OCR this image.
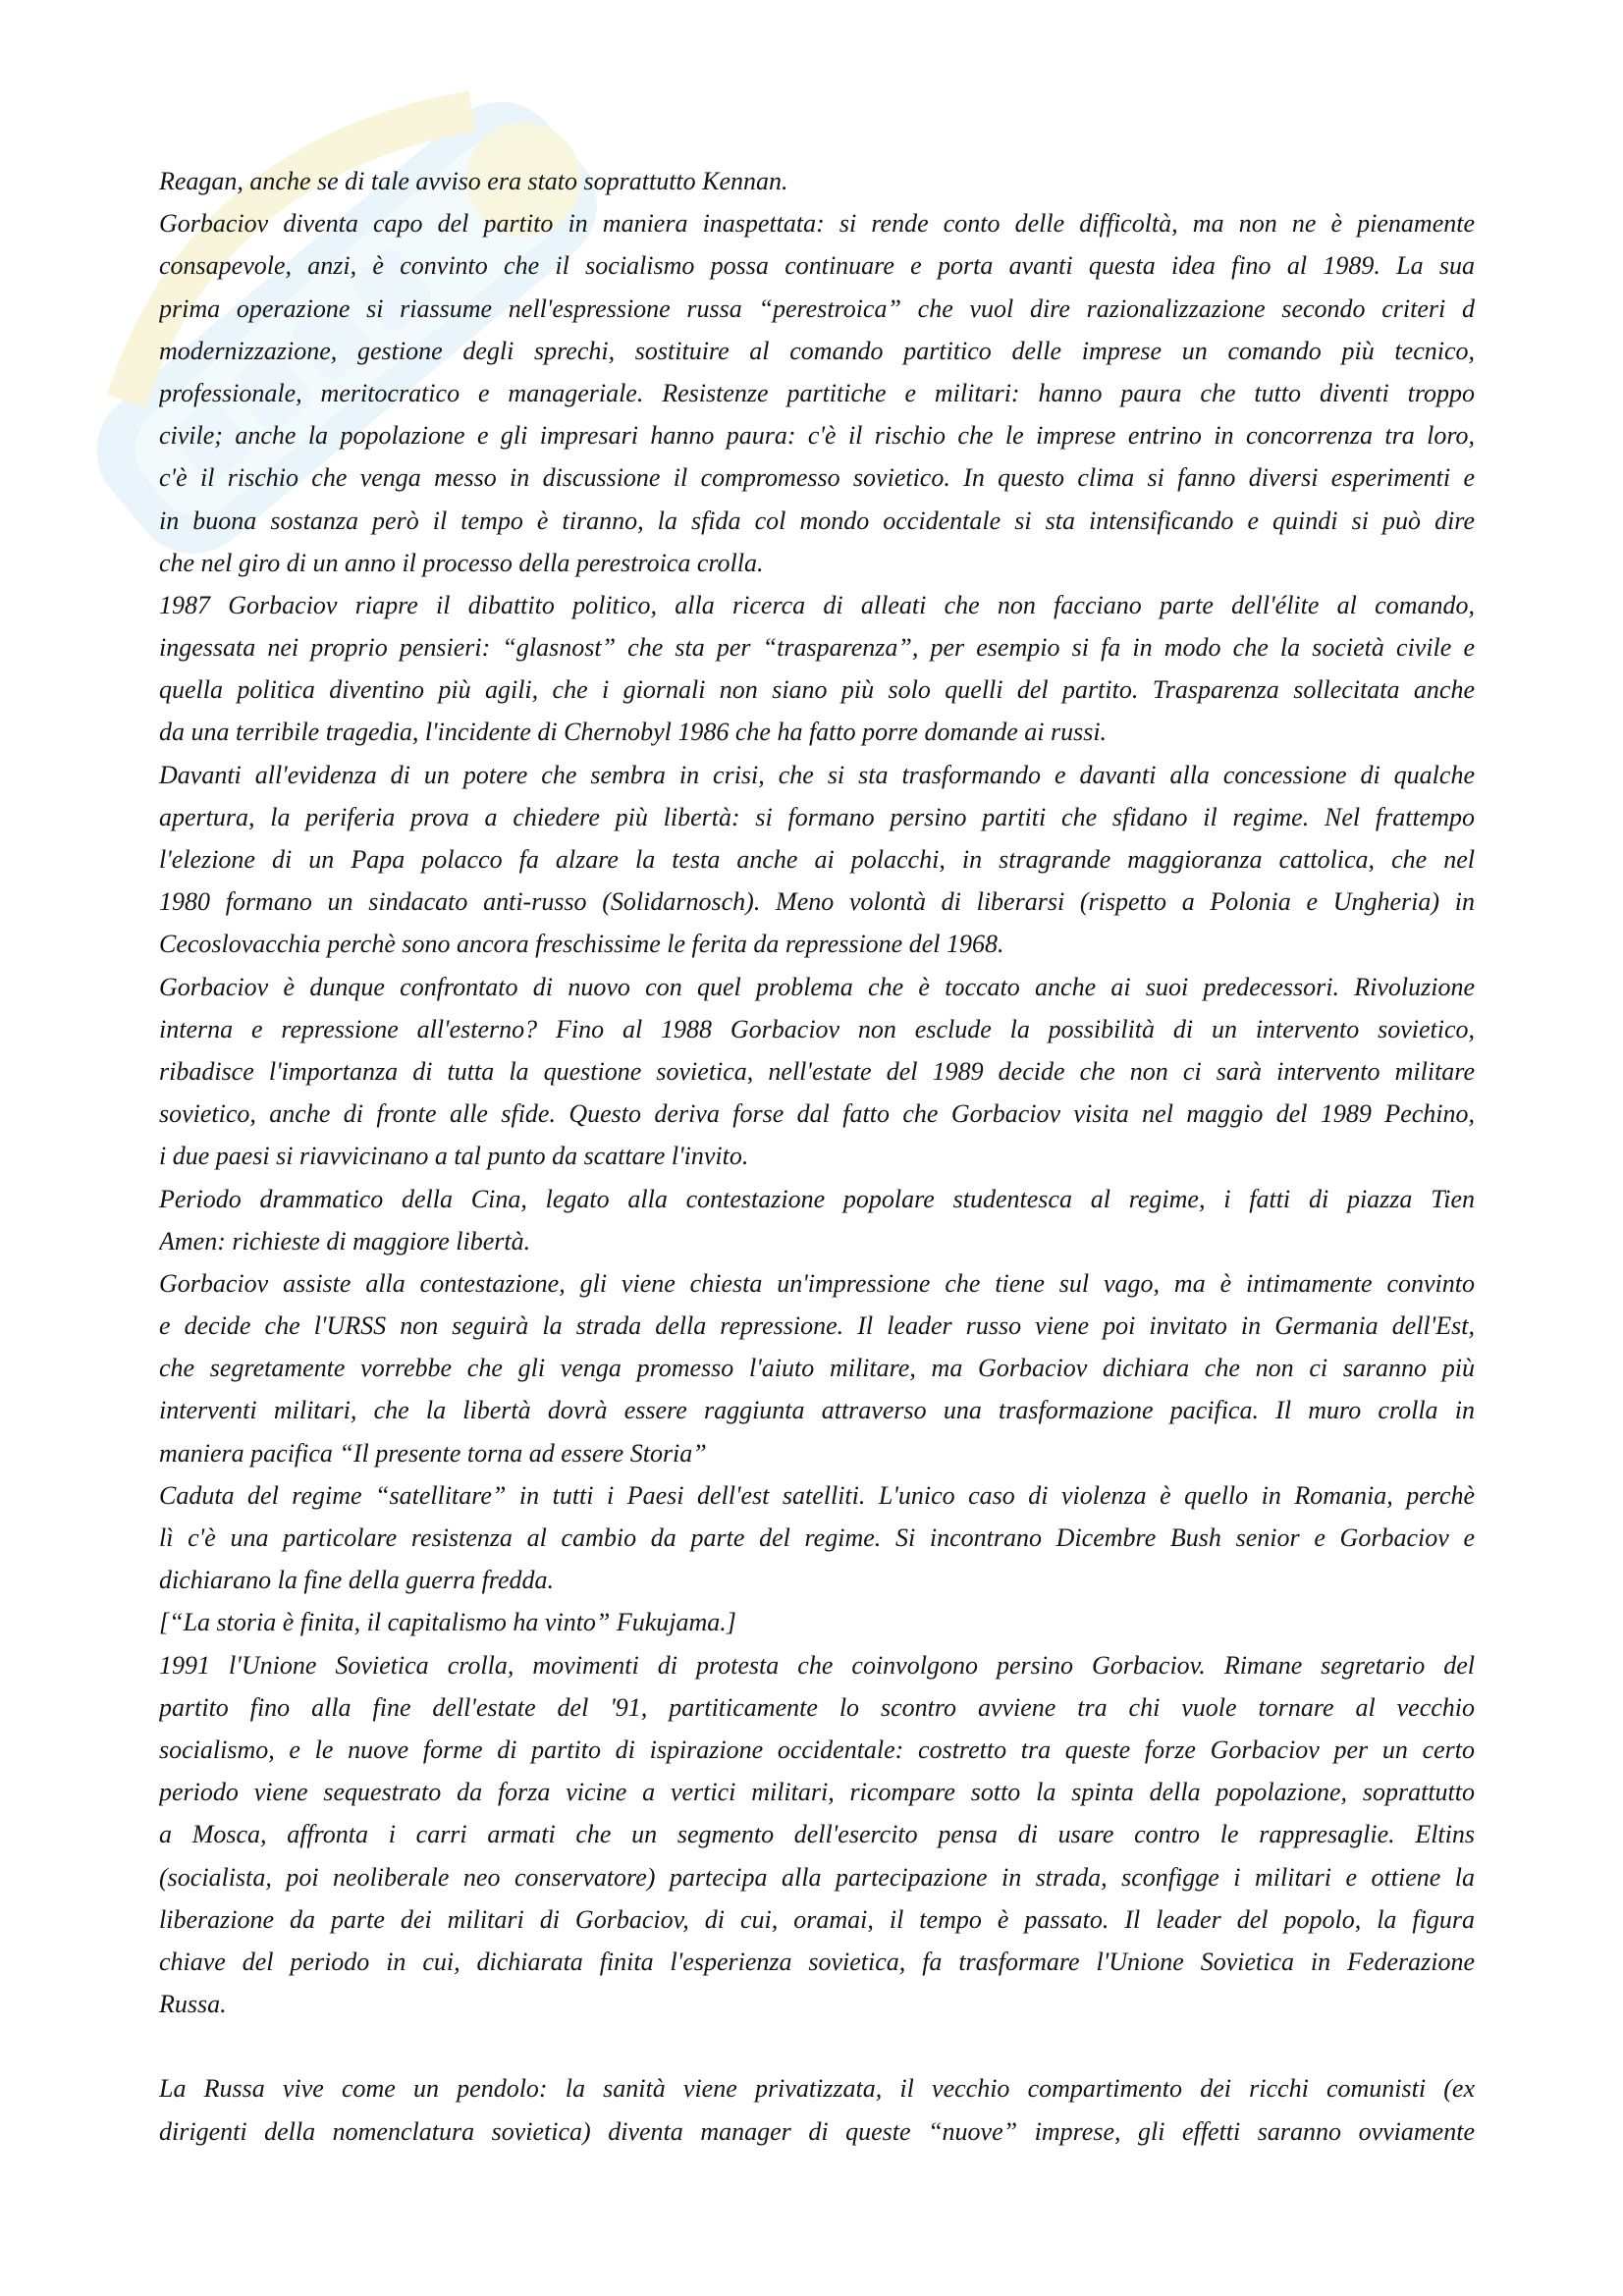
Reagan, anche se di tale avviso era stato soprattutto Kennan.
Gorbaciov diventa capo del partito in maniera inaspettata: si rende conto delle difficoltà, ma non ne è pienamente
consapevole, anzi, è convinto che il socialismo possa continuare e porta avanti questa idea fino al 1989. La sua
prima operazione si riassume nell'espressione russa “perestroica” che vuol dire razionalizzazione secondo criteri d
modernizzazione, gestione degli sprechi, sostituire al comando partitico delle imprese un comando più tecnico,
professionale, meritocratico e manageriale. Resistenze partitiche e militari: hanno paura che tutto diventi troppo
civile; anche la popolazione e gli impresari hanno paura: c'è il rischio che le imprese entrino in concorrenza tra loro,
c'è il rischio che venga messo in discussione il compromesso sovietico. In questo clima si fanno diversi esperimenti e
in buona sostanza però il tempo è tiranno, la sfida col mondo occidentale si sta intensificando e quindi si può dire
che nel giro di un anno il processo della perestroica crolla.
1987 Gorbaciov riapre il dibattito politico, alla ricerca di alleati che non facciano parte dell'élite al comando,
ingessata nei proprio pensieri: “glasnost” che sta per “trasparenza”, per esempio si fa in modo che la società civile e
quella politica diventino più agili, che i giornali non siano più solo quelli del partito. Trasparenza sollecitata anche
da una terribile tragedia, l'incidente di Chernobyl 1986 che ha fatto porre domande ai russi.
Davanti all'evidenza di un potere che sembra in crisi, che si sta trasformando e davanti alla concessione di qualche
apertura, la periferia prova a chiedere più libertà: si formano persino partiti che sfidano il regime. Nel frattempo
l'elezione di un Papa polacco fa alzare la testa anche ai polacchi, in stragrande maggioranza cattolica, che nel
1980 formano un sindacato anti-russo (Solidarnosch). Meno volontà di liberarsi (rispetto a Polonia e Ungheria) in
Cecoslovacchia perchè sono ancora freschissime le ferita da repressione del 1968.
Gorbaciov è dunque confrontato di nuovo con quel problema che è toccato anche ai suoi predecessori. Rivoluzione
interna e repressione all'esterno? Fino al 1988 Gorbaciov non esclude la possibilità di un intervento sovietico,
ribadisce l'importanza di tutta la questione sovietica, nell'estate del 1989 decide che non ci sarà intervento militare
sovietico, anche di fronte alle sfide. Questo deriva forse dal fatto che Gorbaciov visita nel maggio del 1989 Pechino,
i due paesi si riavvicinano a tal punto da scattare l'invito.
Periodo drammatico della Cina, legato alla contestazione popolare studentesca al regime, i fatti di piazza Tien
Amen: richieste di maggiore libertà.
Gorbaciov assiste alla contestazione, gli viene chiesta un'impressione che tiene sul vago, ma è intimamente convinto
e decide che l'URSS non seguirà la strada della repressione. Il leader russo viene poi invitato in Germania dell'Est,
che segretamente vorrebbe che gli venga promesso l'aiuto militare, ma Gorbaciov dichiara che non ci saranno più
interventi militari, che la libertà dovrà essere raggiunta attraverso una trasformazione pacifica. Il muro crolla in
maniera pacifica “Il presente torna ad essere Storia”
Caduta del regime “satellitare” in tutti i Paesi dell'est satelliti. L'unico caso di violenza è quello in Romania, perchè
lì c'è una particolare resistenza al cambio da parte del regime. Si incontrano Dicembre Bush senior e Gorbaciov e
dichiarano la fine della guerra fredda.
[“La storia è finita, il capitalismo ha vinto” Fukujama.]
1991 l'Unione Sovietica crolla, movimenti di protesta che coinvolgono persino Gorbaciov. Rimane segretario del
partito fino alla fine dell'estate del '91, partiticamente lo scontro avviene tra chi vuole tornare al vecchio
socialismo, e le nuove forme di partito di ispirazione occidentale: costretto tra queste forze Gorbaciov per un certo
periodo viene sequestrato da forza vicine a vertici militari, ricompare sotto la spinta della popolazione, soprattutto
a Mosca, affronta i carri armati che un segmento dell'esercito pensa di usare contro le rappresaglie. Eltins
(socialista, poi neoliberale neo conservatore) partecipa alla partecipazione in strada, sconfigge i militari e ottiene la
liberazione da parte dei militari di Gorbaciov, di cui, oramai, il tempo è passato. Il leader del popolo, la figura
chiave del periodo in cui, dichiarata finita l'esperienza sovietica, fa trasformare l'Unione Sovietica in Federazione
Russa.
La Russa vive come un pendolo: la sanità viene privatizzata, il vecchio compartimento dei ricchi comunisti (ex
dirigenti della nomenclatura sovietica) diventa manager di queste “nuove” imprese, gli effetti saranno ovviamente
